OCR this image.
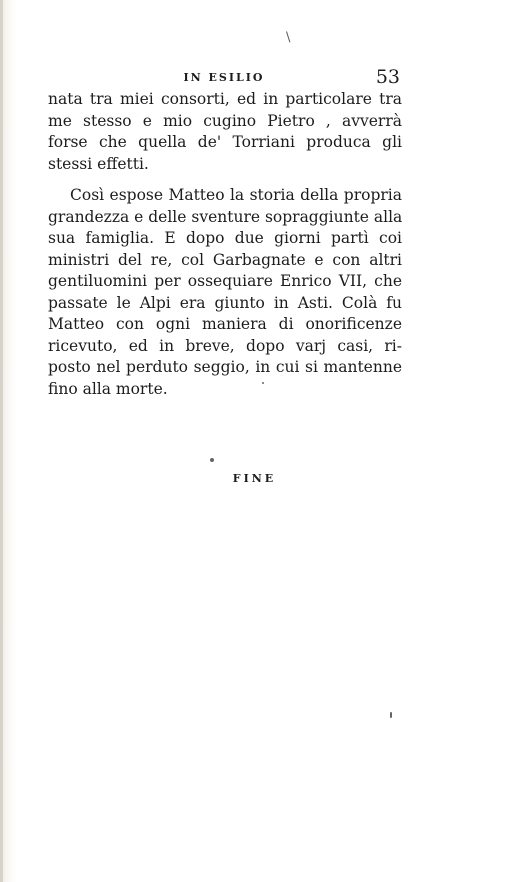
\
IN ESILIO	53
nata tra miei consorti, ed in particolare tra
me stesso e mio cugino Pietro , avverrà
forse che quella de' Torriani produca gli
stessi effetti.
Così espose Matteo la storia della propria
grandezza e delle sventure sopraggiunte alla
sua famiglia. E dopo due giorni partì coi
ministri del re, col Garbagnate e con altri
gentiluomini per ossequiare Enrico VII, che
passate le Alpi era giunto in Asti. Colà fu
Matteo con ogni maniera di onorificenze
ricevuto, ed in breve, dopo varj casi, ri-
posto nel perduto seggio, in cui si mantenne
fino alla morte.
FINE
